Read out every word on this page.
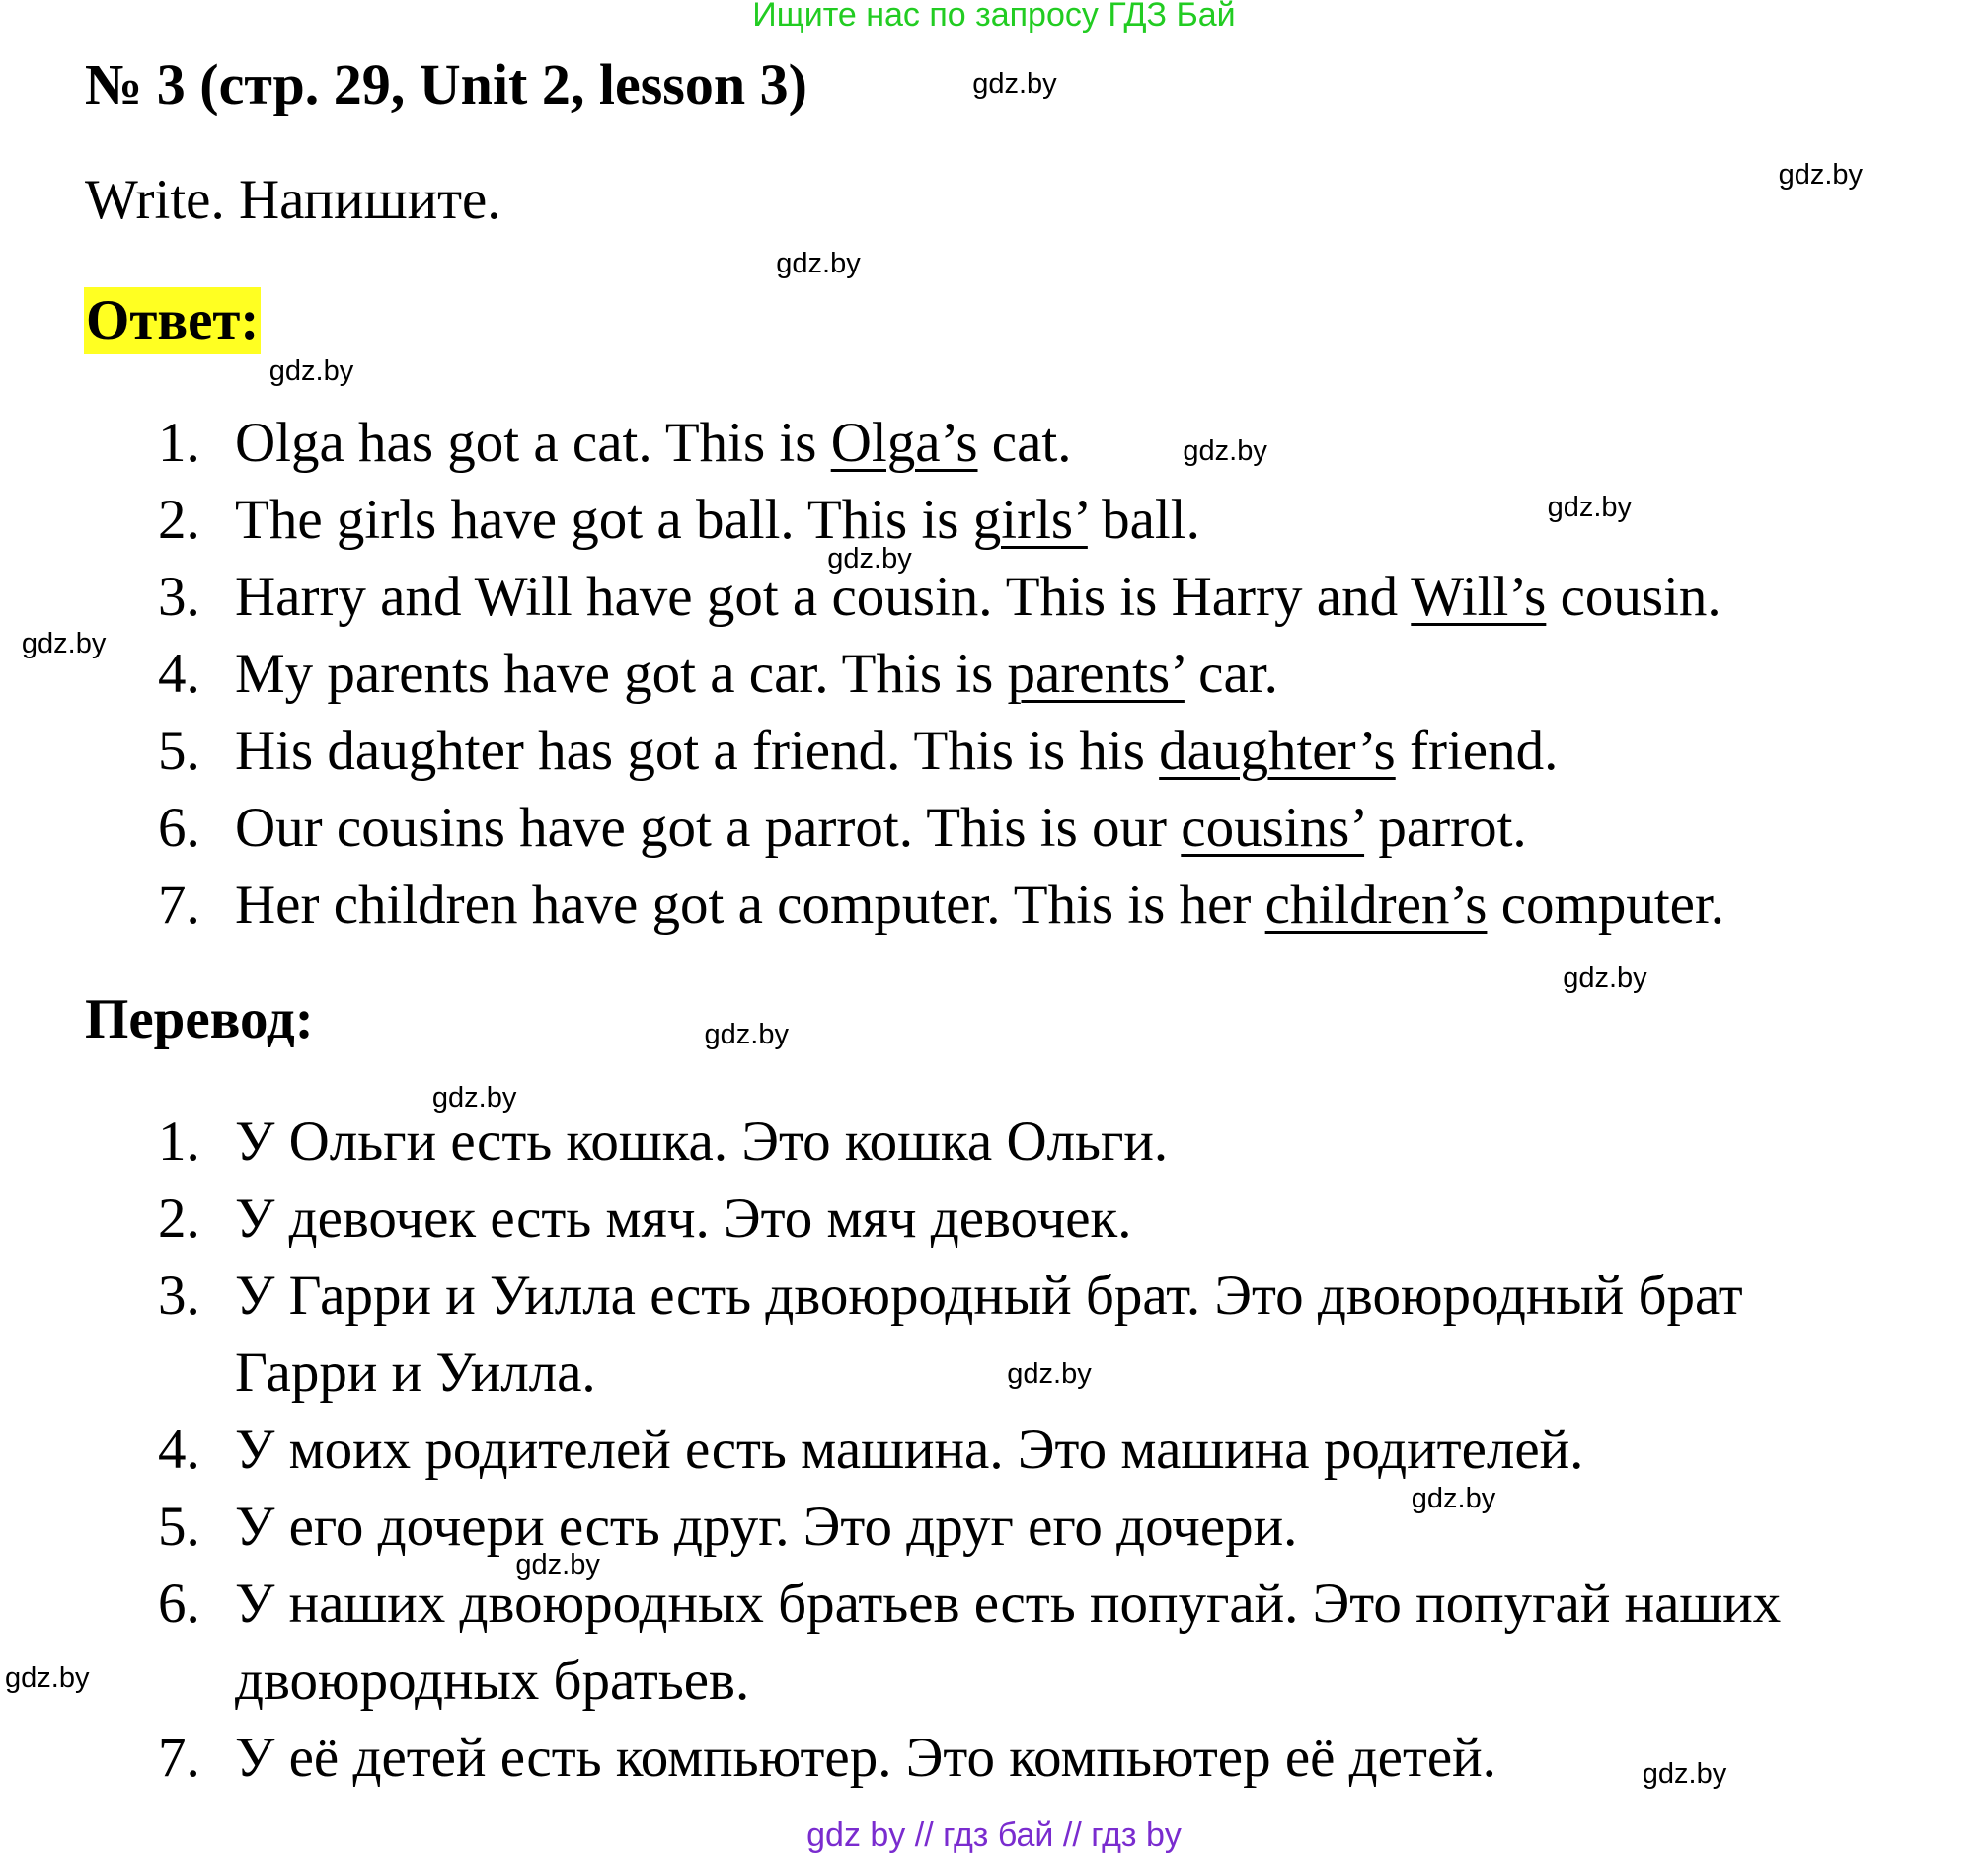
Ищите нас по запросу ГДЗ Бай
№ 3 (стр. 29, Unit 2, lesson 3)
Write. Напишите.
Ответ:
1. Olga has got a cat. This is Olga’s cat.
2. The girls have got a ball. This is girls’ ball.
3. Harry and Will have got a cousin. This is Harry and Will’s cousin.
4. My parents have got a car. This is parents’ car.
5. His daughter has got a friend. This is his daughter’s friend.
6. Our cousins have got a parrot. This is our cousins’ parrot.
7. Her children have got a computer. This is her children’s computer.
Перевод:
1. У Ольги есть кошка. Это кошка Ольги.
2. У девочек есть мяч. Это мяч девочек.
3. У Гарри и Уилла есть двоюродный брат. Это двоюродный брат
Гарри и Уилла.
4. У моих родителей есть машина. Это машина родителей.
5. У его дочери есть друг. Это друг его дочери.
6. У наших двоюродных братьев есть попугай. Это попугай наших
двоюродных братьев.
7. У её детей есть компьютер. Это компьютер её детей.
gdz.by
gdz.by
gdz.by
gdz.by
gdz.by
gdz.by
gdz.by
gdz.by
gdz.by
gdz.by
gdz.by
gdz.by
gdz.by
gdz.by
gdz.by
gdz.by
gdz by // гдз бай // гдз by
